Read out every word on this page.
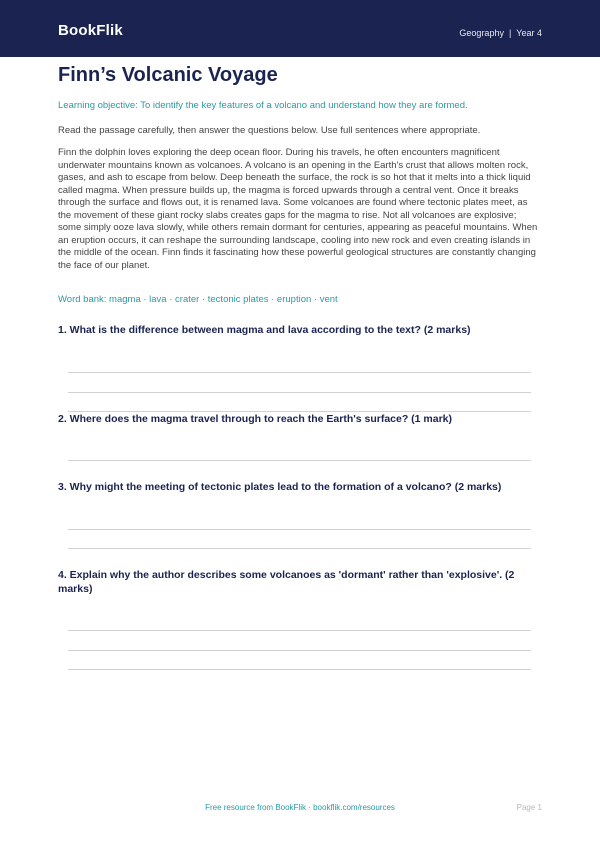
BookFlik	Geography | Year 4
Finn’s Volcanic Voyage
Learning objective: To identify the key features of a volcano and understand how they are formed.
Read the passage carefully, then answer the questions below. Use full sentences where appropriate.

Finn the dolphin loves exploring the deep ocean floor. During his travels, he often encounters magnificent underwater mountains known as volcanoes. A volcano is an opening in the Earth's crust that allows molten rock, gases, and ash to escape from below. Deep beneath the surface, the rock is so hot that it melts into a thick liquid called magma. When pressure builds up, the magma is forced upwards through a central vent. Once it breaks through the surface and flows out, it is renamed lava. Some volcanoes are found where tectonic plates meet, as the movement of these giant rocky slabs creates gaps for the magma to rise. Not all volcanoes are explosive; some simply ooze lava slowly, while others remain dormant for centuries, appearing as peaceful mountains. When an eruption occurs, it can reshape the surrounding landscape, cooling into new rock and even creating islands in the middle of the ocean. Finn finds it fascinating how these powerful geological structures are constantly changing the face of our planet.

Word bank: magma · lava · crater · tectonic plates · eruption · vent

1. What is the difference between magma and lava according to the text? (2 marks)

2. Where does the magma travel through to reach the Earth's surface? (1 mark)

3. Why might the meeting of tectonic plates lead to the formation of a volcano? (2 marks)

4. Explain why the author describes some volcanoes as 'dormant' rather than 'explosive'. (2 marks)

Free resource from BookFlik · bookflik.com/resources	Page 1
